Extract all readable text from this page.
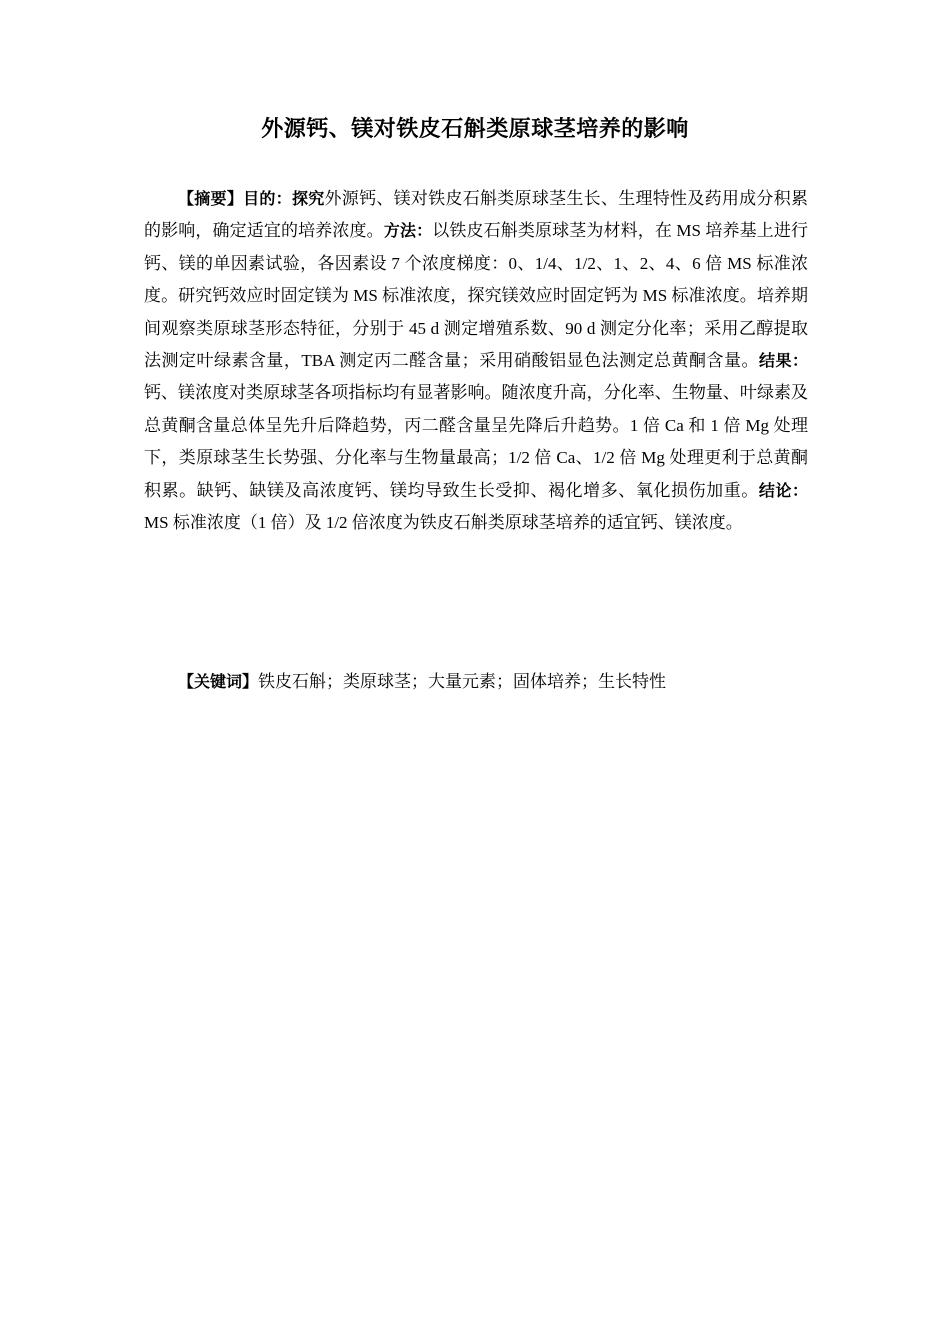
外源钙、镁对铁皮石斛类原球茎培养的影响

【摘要】目的：探究外源钙、镁对铁皮石斛类原球茎生长、生理特性及药用成分积累的影响，确定适宜的培养浓度。方法：以铁皮石斛类原球茎为材料，在 MS 培养基上进行钙、镁的单因素试验，各因素设 7 个浓度梯度：0、1/4、1/2、1、2、4、6 倍 MS 标准浓度。研究钙效应时固定镁为 MS 标准浓度，探究镁效应时固定钙为 MS 标准浓度。培养期间观察类原球茎形态特征，分别于 45 d 测定增殖系数、90 d 测定分化率；采用乙醇提取法测定叶绿素含量，TBA 测定丙二醛含量；采用硝酸铝显色法测定总黄酮含量。结果：钙、镁浓度对类原球茎各项指标均有显著影响。随浓度升高，分化率、生物量、叶绿素及总黄酮含量总体呈先升后降趋势，丙二醛含量呈先降后升趋势。1 倍 Ca 和 1 倍 Mg 处理下，类原球茎生长势强、分化率与生物量最高；1/2 倍 Ca、1/2 倍 Mg 处理更利于总黄酮积累。缺钙、缺镁及高浓度钙、镁均导致生长受抑、褐化增多、氧化损伤加重。结论：MS 标准浓度（1 倍）及 1/2 倍浓度为铁皮石斛类原球茎培养的适宜钙、镁浓度。

【关键词】铁皮石斛；类原球茎；大量元素；固体培养；生长特性
